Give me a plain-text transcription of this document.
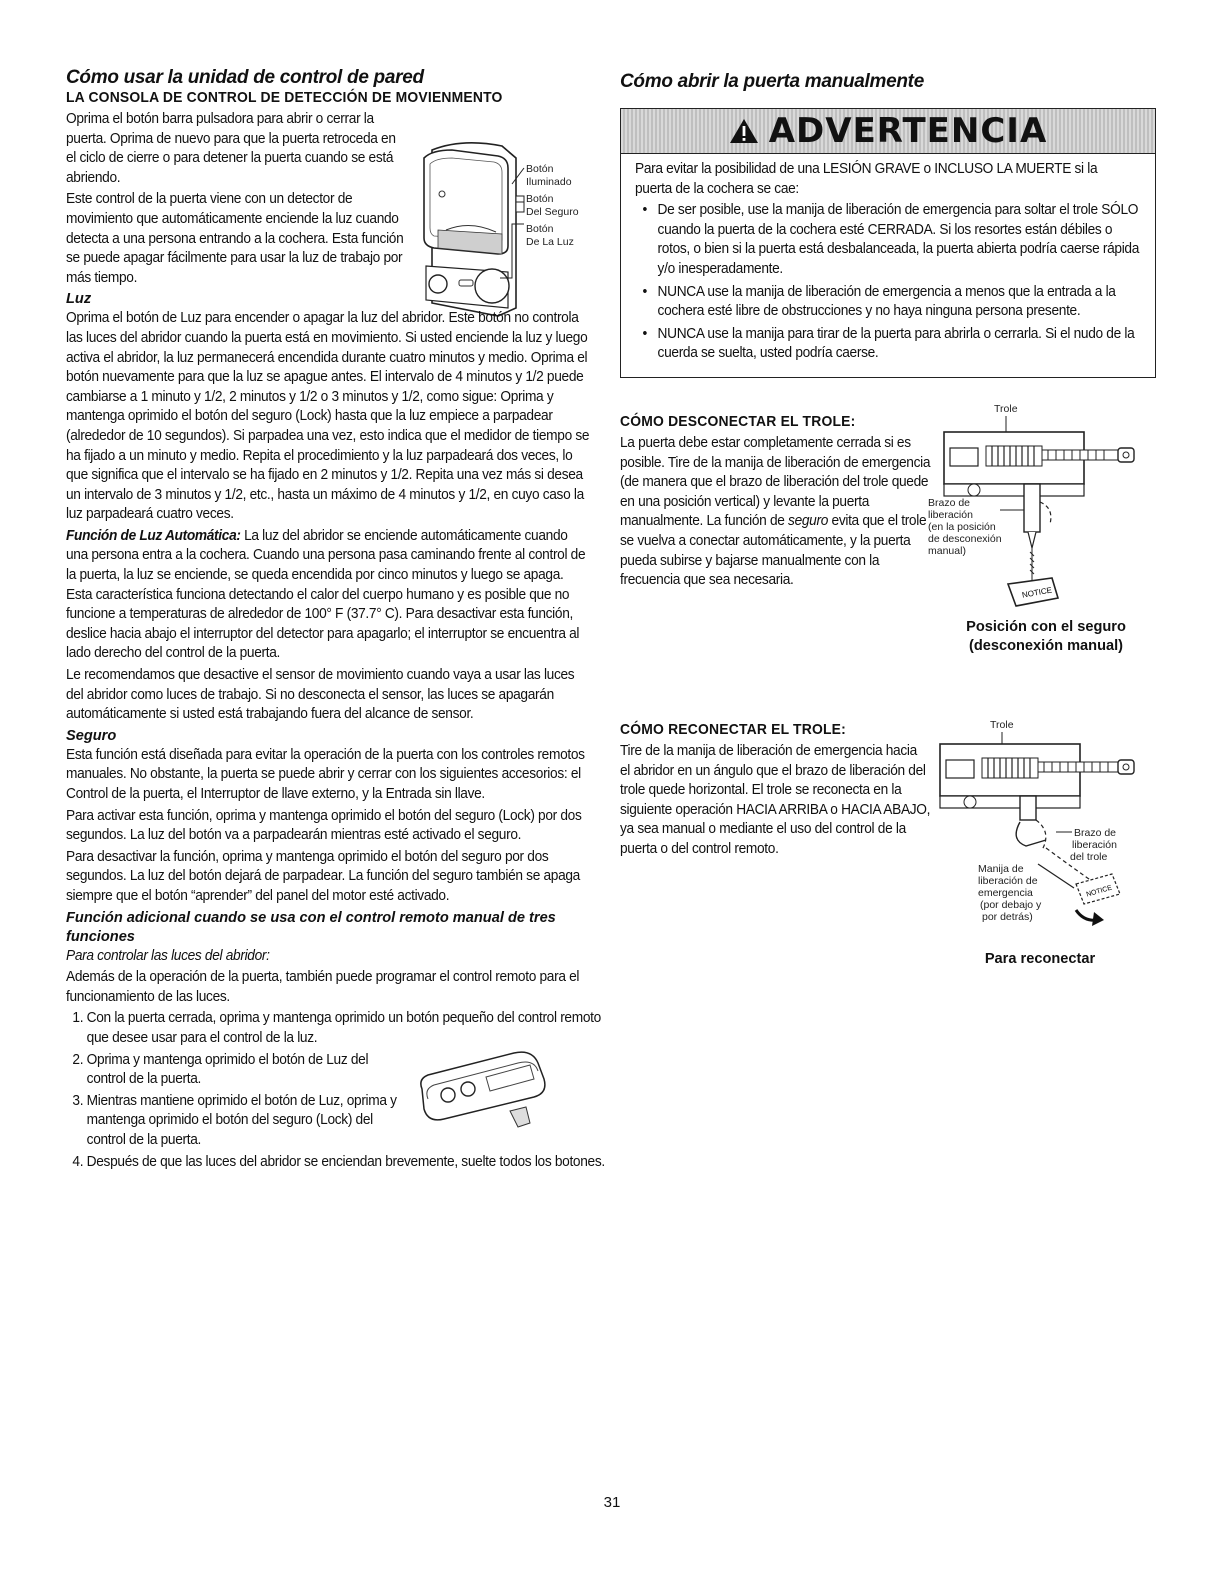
Cómo usar la unidad de control de pared
LA CONSOLA DE CONTROL DE DETECCIÓN DE MOVIENMENTO

Oprima el botón barra pulsadora para abrir o cerrar la puerta. Oprima de nuevo para que la puerta retroceda en el ciclo de cierre o para detener la puerta cuando se está abriendo.

Este control de la puerta viene con un detector de movimiento que automáticamente enciende la luz cuando detecta a una persona entrando a la cochera. Esta función se puede apagar fácilmente para usar la luz de trabajo por más tiempo.

Botón
Iluminado
Botón
Del Seguro
Botón
De La Luz

Luz

Oprima el botón de Luz para encender o apagar la luz del abridor. Este botón no controla las luces del abridor cuando la puerta está en movimiento. Si usted enciende la luz y luego activa el abridor, la luz permanecerá encendida durante cuatro minutos y medio. Oprima el botón nuevamente para que la luz se apague antes. El intervalo de 4 minutos y 1/2 puede cambiarse a 1 minuto y 1/2, 2 minutos y 1/2 o 3 minutos y 1/2, como sigue: Oprima y mantenga oprimido el botón del seguro (Lock) hasta que la luz empiece a parpadear (alrededor de 10 segundos). Si parpadea una vez, esto indica que el medidor de tiempo se ha fijado a un minuto y medio. Repita el procedimiento y la luz parpadeará dos veces, lo que significa que el intervalo se ha fijado en 2 minutos y 1/2. Repita una vez más si desea un intervalo de 3 minutos y 1/2, etc., hasta un máximo de 4 minutos y 1/2, en cuyo caso la luz parpadeará cuatro veces.

Función de Luz Automática: La luz del abridor se enciende automáticamente cuando una persona entra a la cochera. Cuando una persona pasa caminando frente al control de la puerta, la luz se enciende, se queda encendida por cinco minutos y luego se apaga. Esta característica funciona detectando el calor del cuerpo humano y es posible que no funcione a temperaturas de alrededor de 100° F (37.7° C). Para desactivar esta función, deslice hacia abajo el interruptor del detector para apagarlo; el interruptor se encuentra al lado derecho del control de la puerta.

Le recomendamos que desactive el sensor de movimiento cuando vaya a usar las luces del abridor como luces de trabajo. Si no desconecta el sensor, las luces se apagarán automáticamente si usted está trabajando fuera del alcance de sensor.

Seguro

Esta función está diseñada para evitar la operación de la puerta con los controles remotos manuales. No obstante, la puerta se puede abrir y cerrar con los siguientes accesorios: el Control de la puerta, el Interruptor de llave externo, y la Entrada sin llave.

Para activar esta función, oprima y mantenga oprimido el botón del seguro (Lock) por dos segundos. La luz del botón va a parpadearán mientras esté activado el seguro.

Para desactivar la función, oprima y mantenga oprimido el botón del seguro por dos segundos. La luz del botón dejará de parpadear. La función del seguro también se apaga siempre que el botón “aprender” del panel del motor esté activado.

Función adicional cuando se usa con el control remoto manual de tres funciones

Para controlar las luces del abridor:

Además de la operación de la puerta, también puede programar el control remoto para el funcionamiento de las luces.

1. Con la puerta cerrada, oprima y mantenga oprimido un botón pequeño del control remoto que desee usar para el control de la luz.
2. Oprima y mantenga oprimido el botón de Luz del control de la puerta.
3. Mientras mantiene oprimido el botón de Luz, oprima y mantenga oprimido el botón del seguro (Lock) del control de la puerta.
4. Después de que las luces del abridor se enciendan brevemente, suelte todos los botones.
Cómo abrir la puerta manualmente
ADVERTENCIA

Para evitar la posibilidad de una LESIÓN GRAVE o INCLUSO LA MUERTE si la puerta de la cochera se cae:

• De ser posible, use la manija de liberación de emergencia para soltar el trole SÓLO cuando la puerta de la cochera esté CERRADA. Si los resortes están débiles o rotos, o bien si la puerta está desbalanceada, la puerta abierta podría caerse rápida y/o inesperadamente.
• NUNCA use la manija de liberación de emergencia a menos que la entrada a la cochera esté libre de obstrucciones y no haya ninguna persona presente.
• NUNCA use la manija para tirar de la puerta para abrirla o cerrarla. Si el nudo de la cuerda se suelta, usted podría caerse.
CÓMO DESCONECTAR EL TROLE:

La puerta debe estar completamente cerrada si es posible. Tire de la manija de liberación de emergencia (de manera que el brazo de liberación del trole quede en una posición vertical) y levante la puerta manualmente. La función de seguro evita que el trole se vuelva a conectar automáticamente, y la puerta pueda subirse y bajarse manualmente con la frecuencia que sea necesaria.

Trole
NOTICE
Brazo de
liberación
(en la posición
de desconexión
manual)
Posición con el seguro
(desconexión manual)
CÓMO RECONECTAR EL TROLE:

Tire de la manija de liberación de emergencia hacia el abridor en un ángulo que el brazo de liberación del trole quede horizontal. El trole se reconecta en la siguiente operación HACIA ARRIBA o HACIA ABAJO, ya sea manual o mediante el uso del control de la puerta o del control remoto.

Trole
NOTICE
Brazo de
liberación
del trole
Manija de
liberación de
emergencia
(por debajo y
por detrás)
Para reconectar
31
